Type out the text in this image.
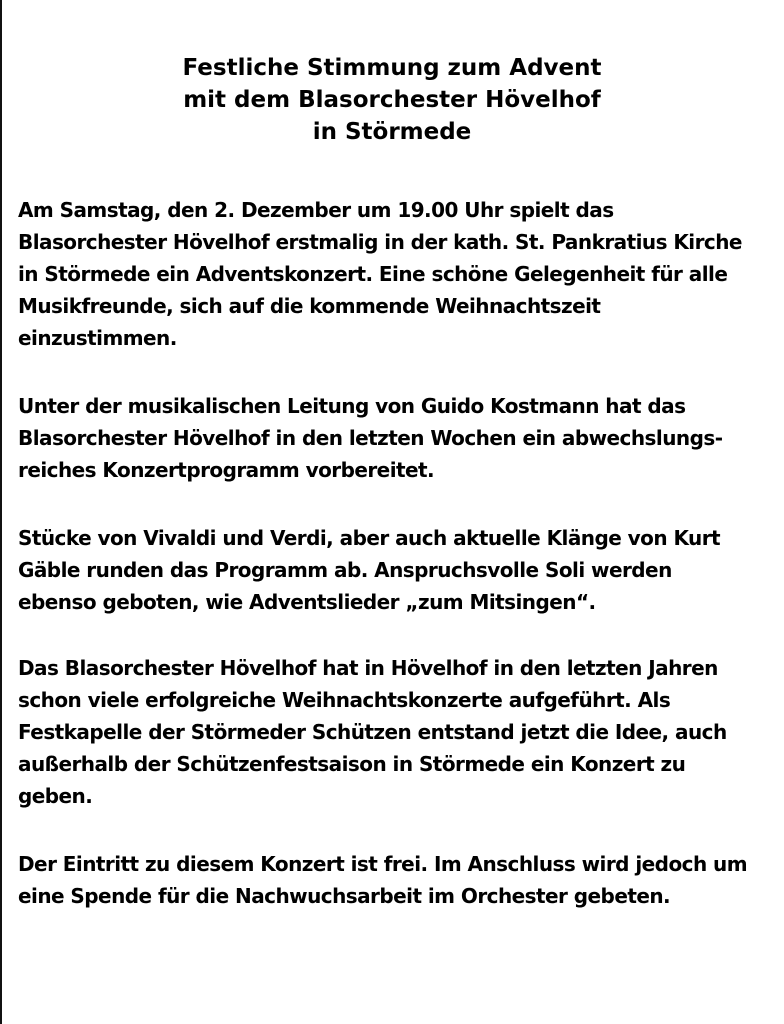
Festliche Stimmung zum Advent
mit dem Blasorchester Hövelhof
in Störmede
Am Samstag, den 2. Dezember um 19.00 Uhr spielt das
Blasorchester Hövelhof erstmalig in der kath. St. Pankratius Kirche
in Störmede ein Adventskonzert. Eine schöne Gelegenheit für alle
Musikfreunde, sich auf die kommende Weihnachtszeit
einzustimmen.
Unter der musikalischen Leitung von Guido Kostmann hat das
Blasorchester Hövelhof in den letzten Wochen ein abwechslungs-
reiches Konzertprogramm vorbereitet.
Stücke von Vivaldi und Verdi, aber auch aktuelle Klänge von Kurt
Gäble runden das Programm ab. Anspruchsvolle Soli werden
ebenso geboten, wie Adventslieder „zum Mitsingen“.
Das Blasorchester Hövelhof hat in Hövelhof in den letzten Jahren
schon viele erfolgreiche Weihnachtskonzerte aufgeführt. Als
Festkapelle der Störmeder Schützen entstand jetzt die Idee, auch
außerhalb der Schützenfestsaison in Störmede ein Konzert zu
geben.
Der Eintritt zu diesem Konzert ist frei. Im Anschluss wird jedoch um
eine Spende für die Nachwuchsarbeit im Orchester gebeten.
